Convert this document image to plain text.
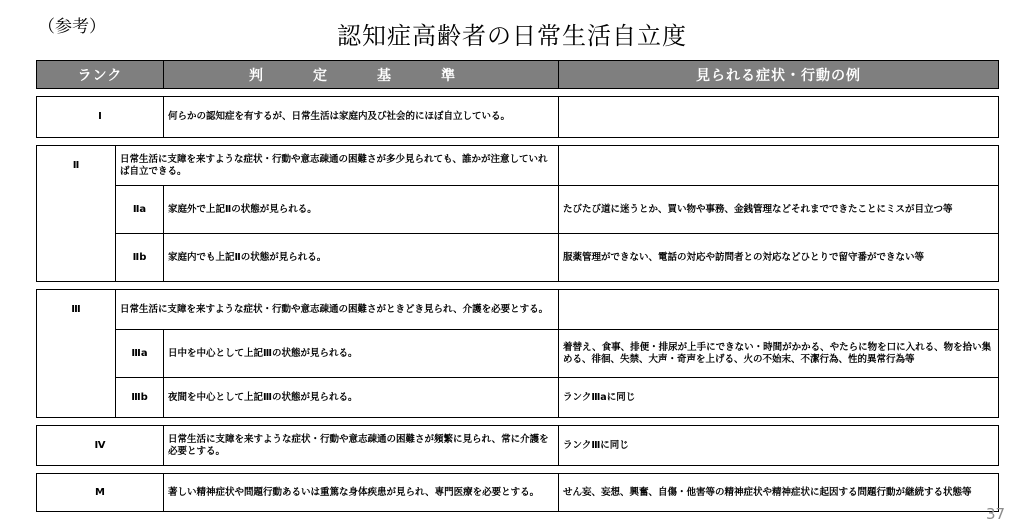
（参考）	認知症高齢者の日常生活自立度
ランク		判　定　基　準	見られる症状・行動の例

Ⅰ		何らかの認知症を有するが、日常生活は家庭内及び社会的にほぼ自立している。	

Ⅱ	日常生活に支障を来すような症状・行動や意志疎通の困難さが多少見られても、誰かが注意していれば自立できる。		

	Ⅱa	家庭外で上記Ⅱの状態が見られる。	たびたび道に迷うとか、買い物や事務、金銭管理などそれまでできたことにミスが目立つ等
	Ⅱb	家庭内でも上記Ⅱの状態が見られる。	服薬管理ができない、電話の対応や訪問者との対応などひとりで留守番ができない等

Ⅲ	日常生活に支障を来すような症状・行動や意志疎通の困難さがときどき見られ、介護を必要とする。		
	Ⅲa	日中を中心として上記Ⅲの状態が見られる。	着替え、食事、排便・排尿が上手にできない・時間がかかる、やたらに物を口に入れる、物を拾い集める、徘徊、失禁、大声・奇声を上げる、火の不始末、不潔行為、性的異常行為等
	Ⅲb	夜間を中心として上記Ⅲの状態が見られる。	ランクⅢaに同じ

Ⅳ		日常生活に支障を来すような症状・行動や意志疎通の困難さが頻繁に見られ、常に介護を必要とする。	ランクⅢに同じ

M		著しい精神症状や問題行動あるいは重篤な身体疾患が見られ、専門医療を必要とする。	せん妄、妄想、興奮、自傷・他害等の精神症状や精神症状に起因する問題行動が継続する状態等
37
